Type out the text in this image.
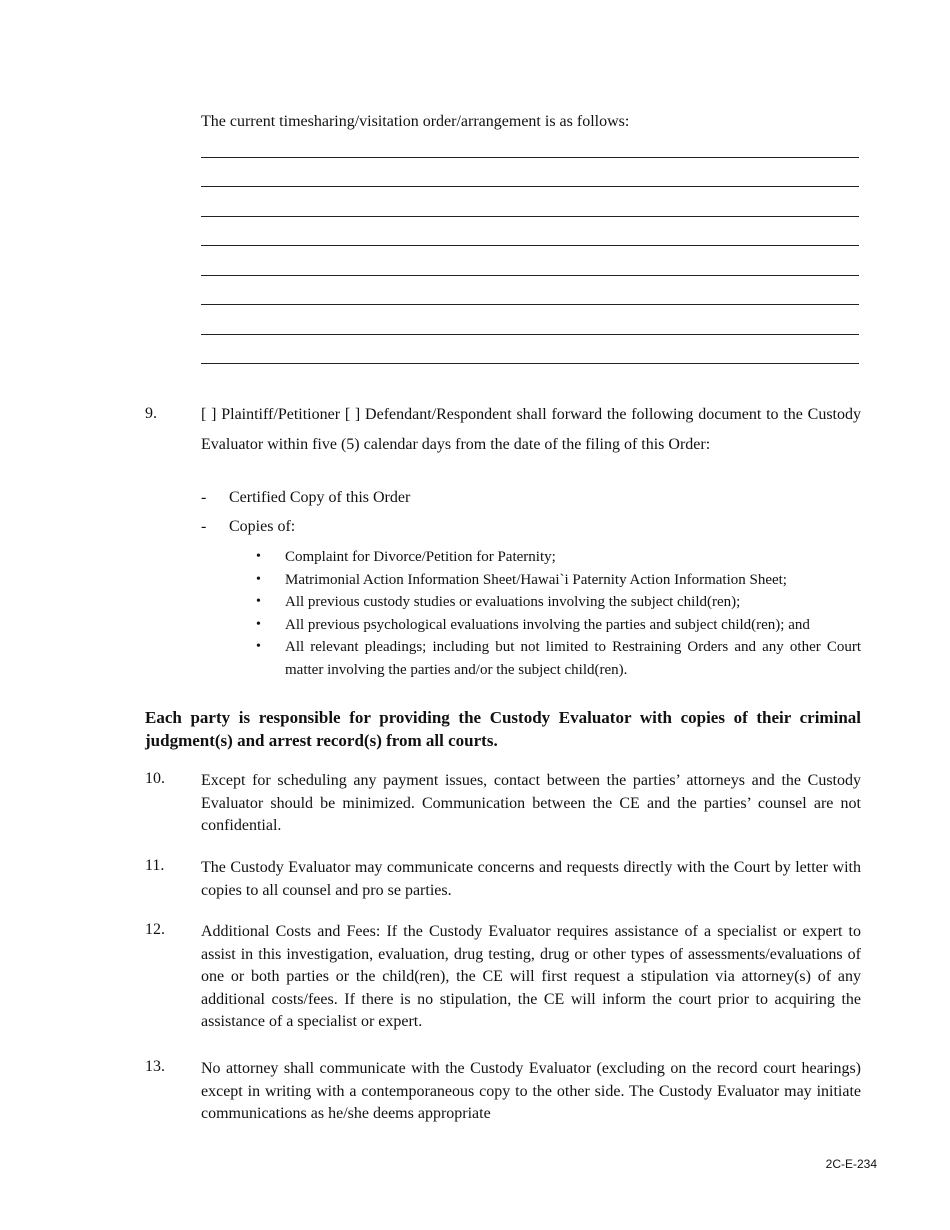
The current timesharing/visitation order/arrangement is as follows:
9.	[ ] Plaintiff/Petitioner [ ] Defendant/Respondent shall forward the following document to the Custody Evaluator within five (5) calendar days from the date of the filing of this Order:
- Certified Copy of this Order
- Copies of:
• Complaint for Divorce/Petition for Paternity;
• Matrimonial Action Information Sheet/Hawai`i Paternity Action Information Sheet;
• All previous custody studies or evaluations involving the subject child(ren);
• All previous psychological evaluations involving the parties and subject child(ren); and
• All relevant pleadings; including but not limited to Restraining Orders and any other Court matter involving the parties and/or the subject child(ren).
Each party is responsible for providing the Custody Evaluator with copies of their criminal judgment(s) and arrest record(s) from all courts.
10. Except for scheduling any payment issues, contact between the parties’ attorneys and the Custody Evaluator should be minimized. Communication between the CE and the parties’ counsel are not confidential.
11. The Custody Evaluator may communicate concerns and requests directly with the Court by letter with copies to all counsel and pro se parties.
12. Additional Costs and Fees: If the Custody Evaluator requires assistance of a specialist or expert to assist in this investigation, evaluation, drug testing, drug or other types of assessments/evaluations of one or both parties or the child(ren), the CE will first request a stipulation via attorney(s) of any additional costs/fees. If there is no stipulation, the CE will inform the court prior to acquiring the assistance of a specialist or expert.
13. No attorney shall communicate with the Custody Evaluator (excluding on the record court hearings) except in writing with a contemporaneous copy to the other side. The Custody Evaluator may initiate communications as he/she deems appropriate
2C-E-234
